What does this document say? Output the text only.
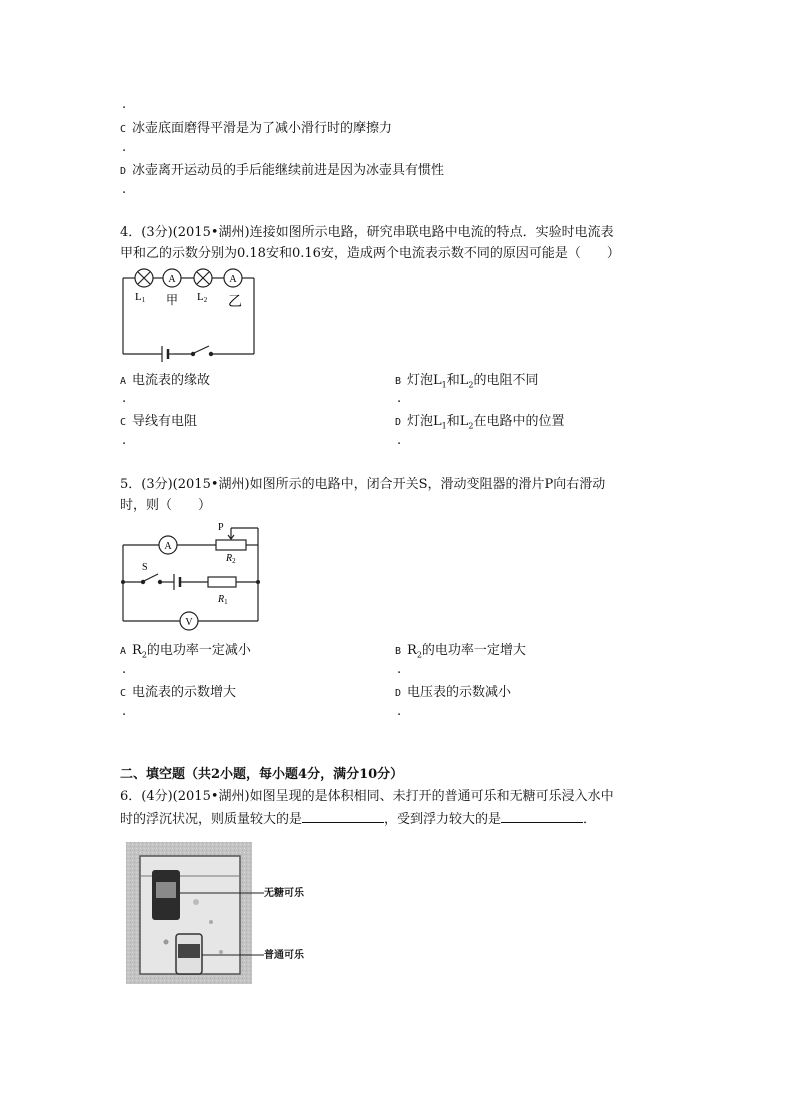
.
C 冰壶底面磨得平滑是为了减小滑行时的摩擦力
.
D 冰壶离开运动员的手后能继续前进是因为冰壶具有惯性
.
4．(3分)(2015•湖州)连接如图所示电路，研究串联电路中电流的特点．实验时电流表
甲和乙的示数分别为0.18安和0.16安，造成两个电流表示数不同的原因可能是（　　）
A	A
L1 甲 L2 乙
A 电流表的缘故	B 灯泡$L_1$和$L_2$的电阻不同
.	.
C 导线有电阻	D 灯泡$L_1$和$L_2$在电路中的位置
.	.
5．(3分)(2015•湖州)如图所示的电路中，闭合开关S，滑动变阻器的滑片P向右滑动
时，则（　　）
A
V
P
$R_2$
S
$R_1$
A $R_2$的电功率一定减小	B $R_2$的电功率一定增大
.	.
C 电流表的示数增大	D 电压表的示数减小
.	.
二、填空题（共2小题，每小题4分，满分10分）
6．(4分)(2015•湖州)如图呈现的是体积相同、未打开的普通可乐和无糖可乐浸入水中
时的浮沉状况，则质量较大的是	，受到浮力较大的是	．
无糖可乐
普通可乐
